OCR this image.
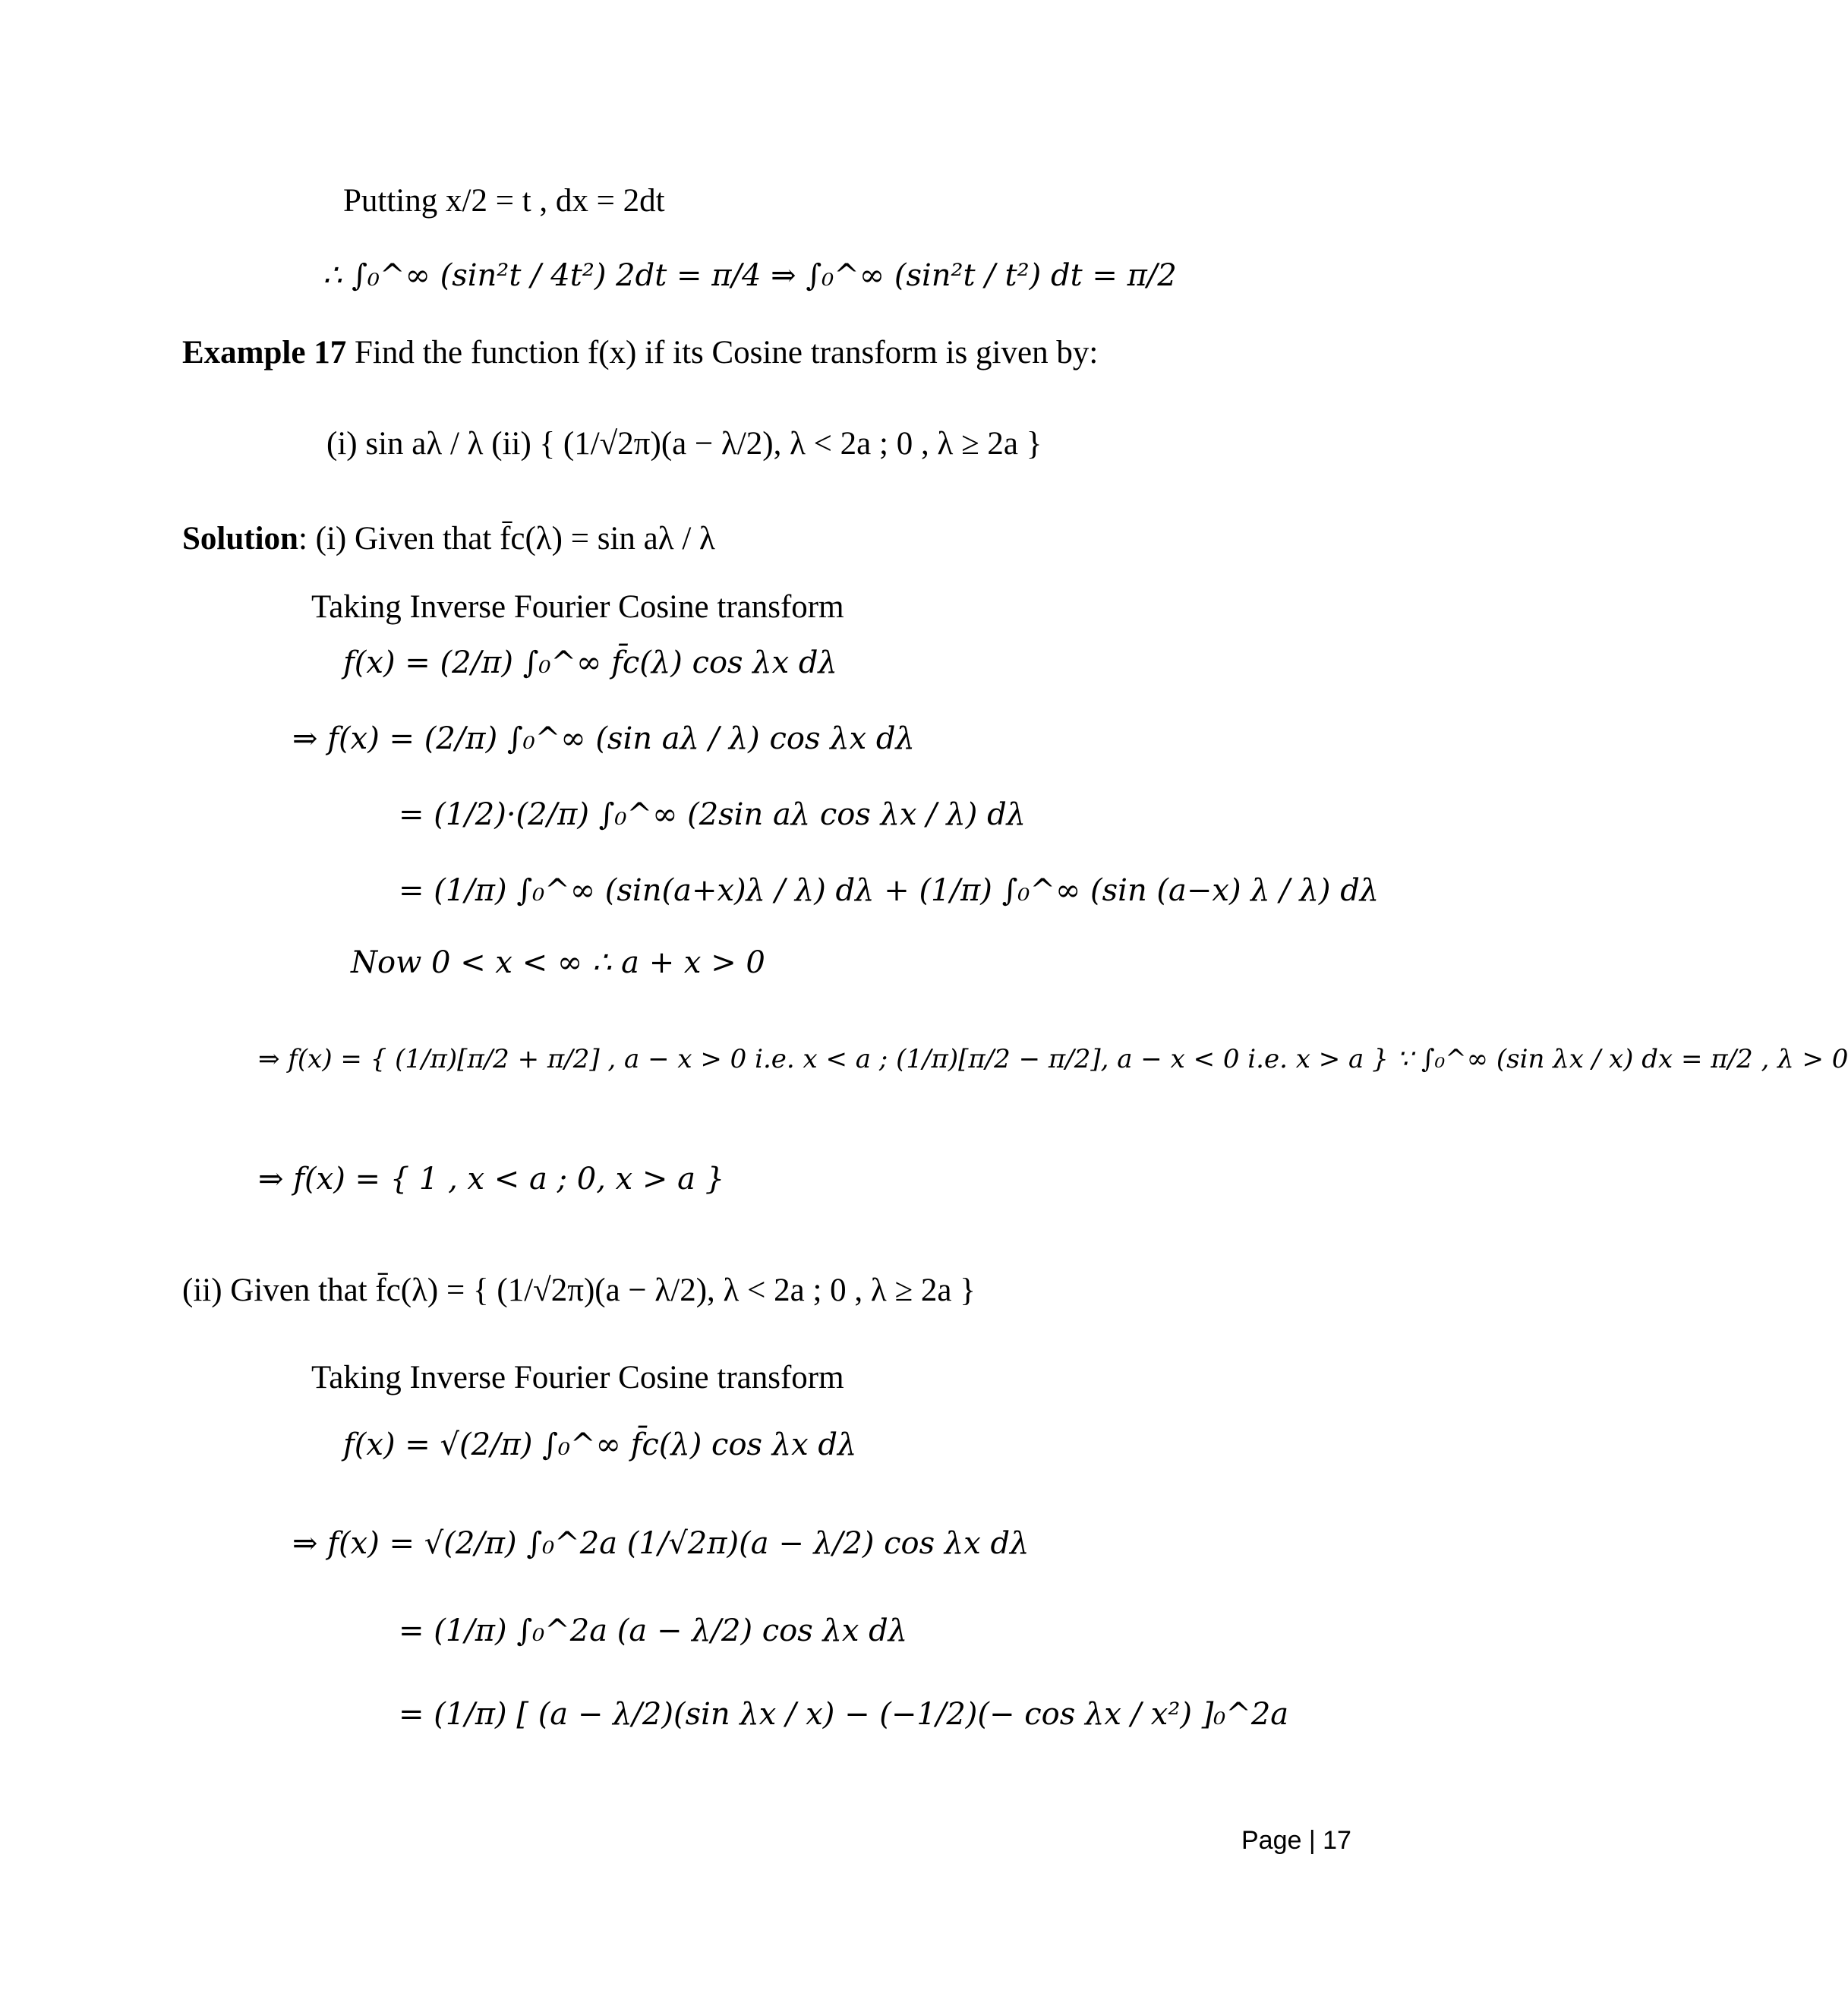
Putting x/2 = t , dx = 2dt
∴ ∫₀^∞ (sin²t / 4t²) 2dt = π/4 ⇒ ∫₀^∞ (sin²t / t²) dt = π/2
Example 17 Find the function f(x) if its Cosine transform is given by:
(i) sin aλ / λ (ii) { (1/√2π)(a − λ/2), λ < 2a ; 0 , λ ≥ 2a }
Solution: (i) Given that f̄c(λ) = sin aλ / λ
Taking Inverse Fourier Cosine transform
f(x) = (2/π) ∫₀^∞ f̄c(λ) cos λx dλ
⇒ f(x) = (2/π) ∫₀^∞ (sin aλ / λ) cos λx dλ
= (1/2)·(2/π) ∫₀^∞ (2sin aλ cos λx / λ) dλ
= (1/π) ∫₀^∞ (sin(a+x)λ / λ) dλ + (1/π) ∫₀^∞ (sin (a−x) λ / λ) dλ
Now 0 < x < ∞ ∴ a + x > 0
⇒ f(x) = { (1/π)[π/2 + π/2] , a − x > 0 i.e. x < a ; (1/π)[π/2 − π/2], a − x < 0 i.e. x > a } ∵ ∫₀^∞ (sin λx / x) dx = π/2 , λ > 0
⇒ f(x) = { 1 , x < a ; 0, x > a }
(ii) Given that f̄c(λ) = { (1/√2π)(a − λ/2), λ < 2a ; 0 , λ ≥ 2a }
Taking Inverse Fourier Cosine transform
f(x) = √(2/π) ∫₀^∞ f̄c(λ) cos λx dλ
⇒ f(x) = √(2/π) ∫₀^2a (1/√2π)(a − λ/2) cos λx dλ
= (1/π) ∫₀^2a (a − λ/2) cos λx dλ
= (1/π) [ (a − λ/2)(sin λx / x) − (−1/2)(− cos λx / x²) ]₀^2a
Page | 17
